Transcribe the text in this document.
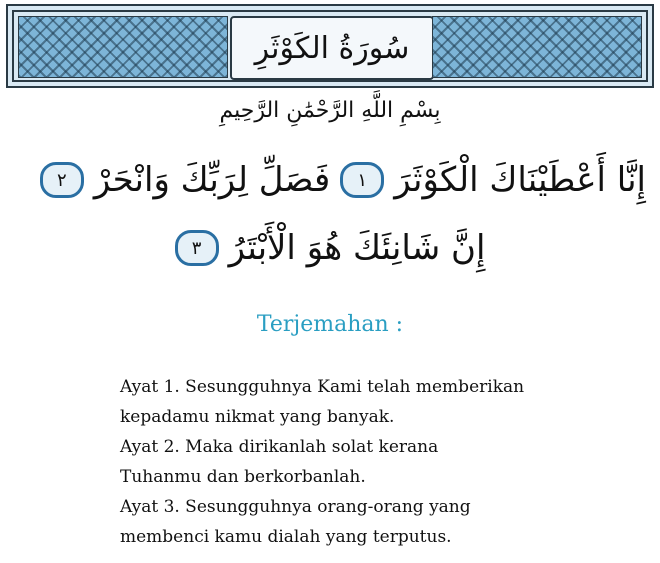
سُورَةُ الكَوْثَرِ
بِسْمِ اللَّهِ الرَّحْمَٰنِ الرَّحِيمِ
إِنَّا أَعْطَيْنَاكَ الْكَوْثَرَ
١
فَصَلِّ لِرَبِّكَ وَانْحَرْ
٢
إِنَّ شَانِئَكَ هُوَ الْأَبْتَرُ
٣
Terjemahan :
Ayat 1. Sesungguhnya Kami telah memberikan
kepadamu nikmat yang banyak.
Ayat 2. Maka dirikanlah solat kerana
Tuhanmu dan berkorbanlah.
Ayat 3. Sesungguhnya orang-orang yang
membenci kamu dialah yang terputus.
